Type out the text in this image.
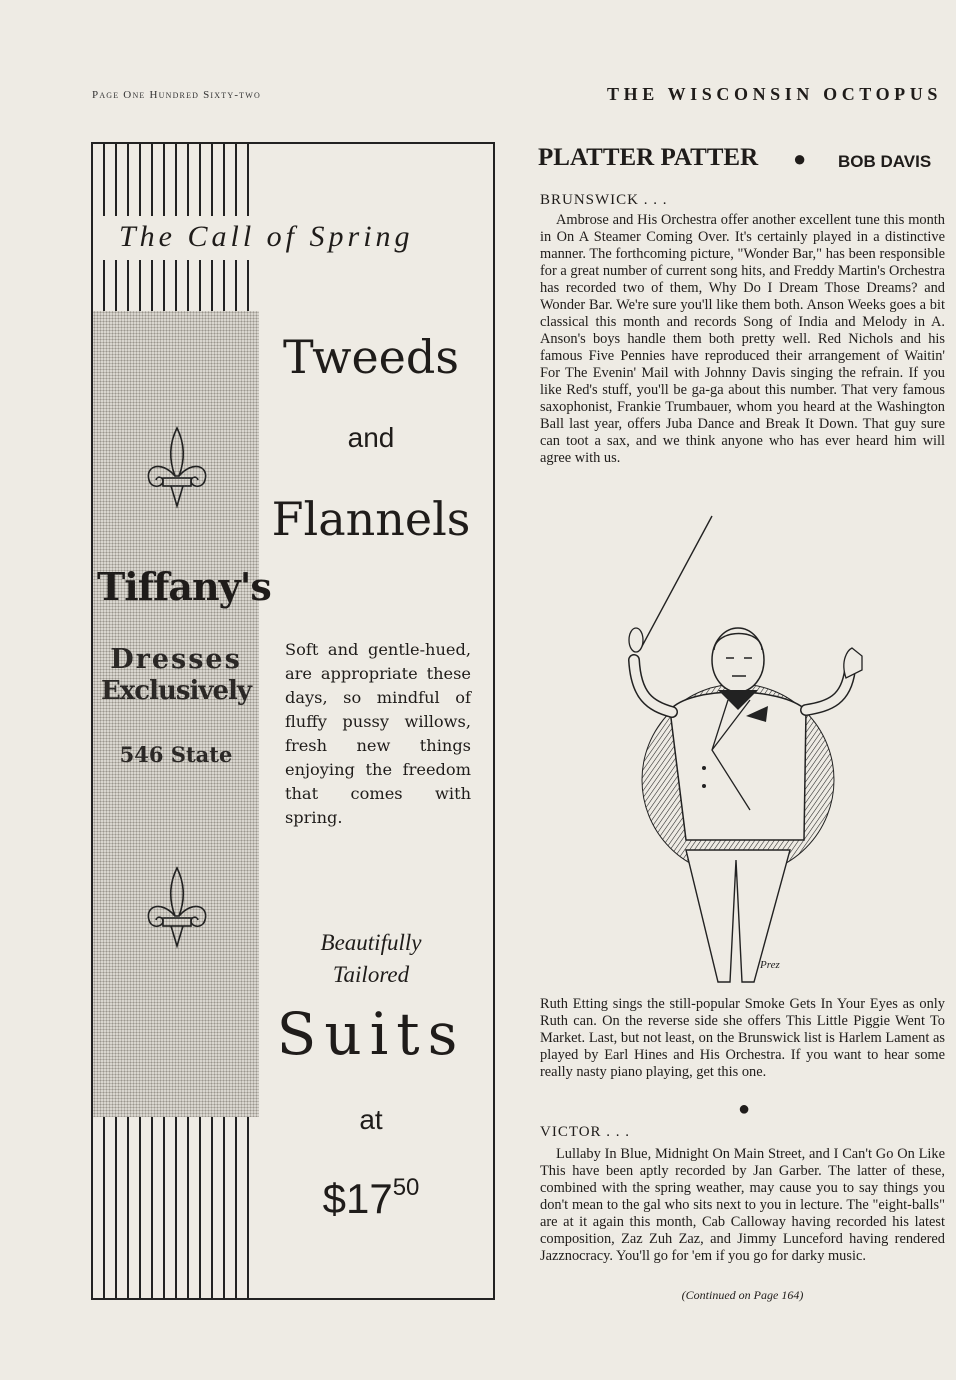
Page One Hundred Sixty-two	THE WISCONSIN OCTOPUS
The Call of Spring
Tiffany's
Dresses
Exclusively
546 State
Tweeds
and
Flannels
Soft and gentle-hued, are appropriate these days, so mindful of fluffy pussy willows, fresh new things enjoying the freedom that comes with spring.
Beautifully
Tailored
Suits
at
$1750
PLATTER PATTER ● BOB DAVIS
BRUNSWICK . . .

Ambrose and His Orchestra offer another excellent tune this month in On A Steamer Coming Over. It's certainly played in a distinctive manner. The forthcoming picture, "Wonder Bar," has been responsible for a great number of current song hits, and Freddy Martin's Orchestra has recorded two of them, Why Do I Dream Those Dreams? and Wonder Bar. We're sure you'll like them both. Anson Weeks goes a bit classical this month and records Song of India and Melody in A. Anson's boys handle them both pretty well. Red Nichols and his famous Five Pennies have reproduced their arrangement of Waitin' For The Evenin' Mail with Johnny Davis singing the refrain. If you like Red's stuff, you'll be ga-ga about this number. That very famous saxophonist, Frankie Trumbauer, whom you heard at the Washington Ball last year, offers Juba Dance and Break It Down. That guy sure can toot a sax, and we think anyone who has ever heard him will agree with us.

Prez

Ruth Etting sings the still-popular Smoke Gets In Your Eyes as only Ruth can. On the reverse side she offers This Little Piggie Went To Market. Last, but not least, on the Brunswick list is Harlem Lament as played by Earl Hines and His Orchestra. If you want to hear some really nasty piano playing, get this one.

●
VICTOR . . .

Lullaby In Blue, Midnight On Main Street, and I Can't Go On Like This have been aptly recorded by Jan Garber. The latter of these, combined with the spring weather, may cause you to say things you don't mean to the gal who sits next to you in lecture. The "eight-balls" are at it again this month, Cab Calloway having recorded his latest composition, Zaz Zuh Zaz, and Jimmy Lunceford having rendered Jazznocracy. You'll go for 'em if you go for darky music.

(Continued on Page 164)
